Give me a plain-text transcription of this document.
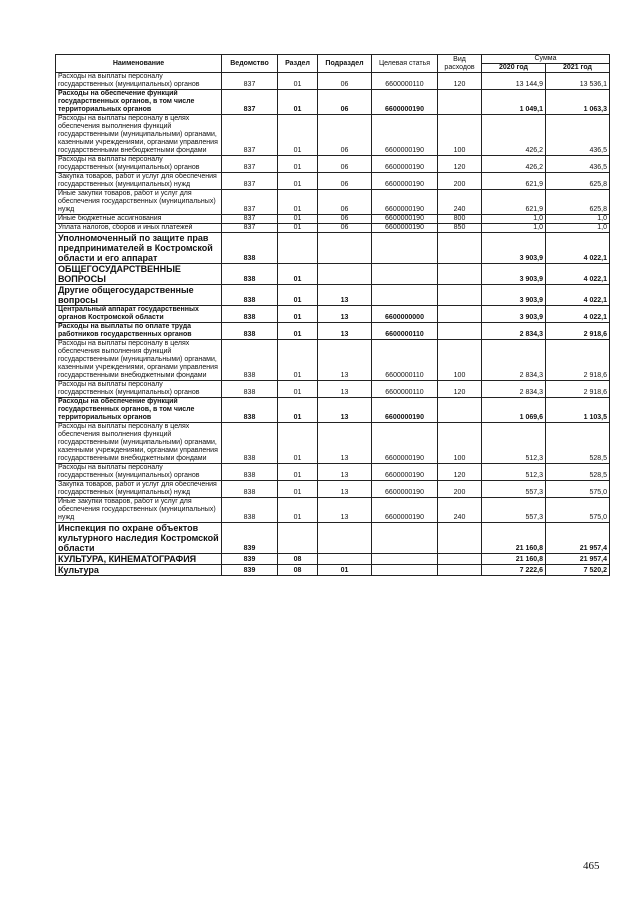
Наименование	Ведомство	Раздел	Подраздел	Целевая статья	Вид расходов	Сумма	
						2020 год	2021 год
Расходы на выплаты персоналу государственных (муниципальных) органов	837	01	06	6600000110	120	13 144,9	13 536,1
Расходы на обеспечение функций государственных органов, в том числе территориальных органов	837	01	06	6600000190		1 049,1	1 063,3
Расходы на выплаты персоналу в целях обеспечения выполнения функций государственными (муниципальными) органами, казенными учреждениями, органами управления государственными внебюджетными фондами	837	01	06	6600000190	100	426,2	436,5
Расходы на выплаты персоналу государственных (муниципальных) органов	837	01	06	6600000190	120	426,2	436,5
Закупка товаров, работ и услуг для обеспечения государственных (муниципальных) нужд	837	01	06	6600000190	200	621,9	625,8
Иные закупки товаров, работ и услуг для обеспечения государственных (муниципальных) нужд	837	01	06	6600000190	240	621,9	625,8
Иные бюджетные ассигнования	837	01	06	6600000190	800	1,0	1,0
Уплата налогов, сборов и иных платежей	837	01	06	6600000190	850	1,0	1,0
Уполномоченный по защите прав предпринимателей в Костромской области и его аппарат	838					3 903,9	4 022,1
ОБЩЕГОСУДАРСТВЕННЫЕ ВОПРОСЫ	838	01				3 903,9	4 022,1
Другие общегосударственные вопросы	838	01	13			3 903,9	4 022,1
Центральный аппарат государственных органов Костромской области	838	01	13	6600000000		3 903,9	4 022,1
Расходы на выплаты по оплате труда работников государственных органов	838	01	13	6600000110		2 834,3	2 918,6
Расходы на выплаты персоналу в целях обеспечения выполнения функций государственными (муниципальными) органами, казенными учреждениями, органами управления государственными внебюджетными фондами	838	01	13	6600000110	100	2 834,3	2 918,6
Расходы на выплаты персоналу государственных (муниципальных) органов	838	01	13	6600000110	120	2 834,3	2 918,6
Расходы на обеспечение функций государственных органов, в том числе территориальных органов	838	01	13	6600000190		1 069,6	1 103,5
Расходы на выплаты персоналу в целях обеспечения выполнения функций государственными (муниципальными) органами, казенными учреждениями, органами управления государственными внебюджетными фондами	838	01	13	6600000190	100	512,3	528,5
Расходы на выплаты персоналу государственных (муниципальных) органов	838	01	13	6600000190	120	512,3	528,5
Закупка товаров, работ и услуг для обеспечения государственных (муниципальных) нужд	838	01	13	6600000190	200	557,3	575,0
Иные закупки товаров, работ и услуг для обеспечения государственных (муниципальных) нужд	838	01	13	6600000190	240	557,3	575,0
Инспекция по охране объектов культурного наследия Костромской области	839					21 160,8	21 957,4
КУЛЬТУРА, КИНЕМАТОГРАФИЯ	839	08				21 160,8	21 957,4
Культура	839	08	01			7 222,6	7 520,2
465
